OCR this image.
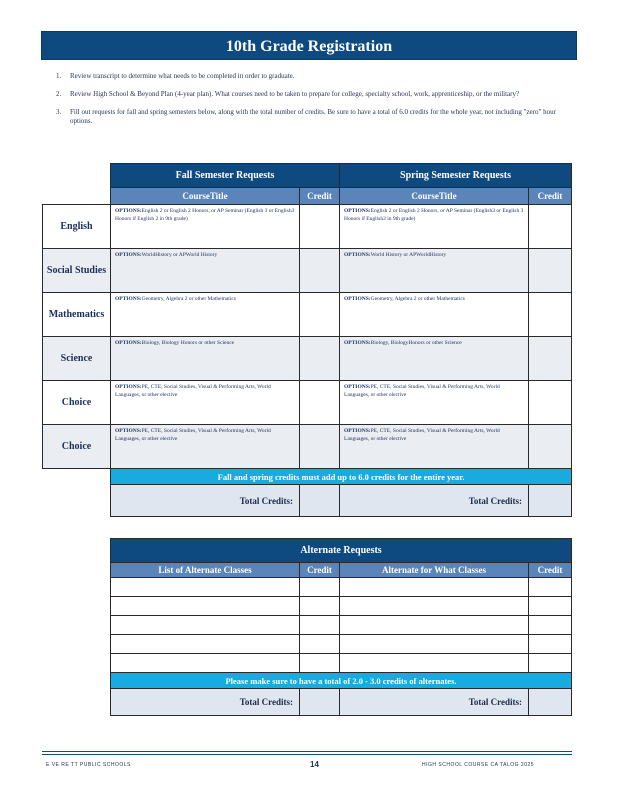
10th Grade Registration
1.	Review transcript to determine what needs to be completed in order to graduate.
2.	Review High School & Beyond Plan (4-year plan). What courses need to be taken to prepare for college, specialty school, work, apprenticeship, or the military?
3.	Fill out requests for fall and spring semesters below, along with the total number of credits. Be sure to have a total of 6.0 credits for the whole year, not including "zero" hour options.
	Fall Semester Requests		Spring Semester Requests	
	CourseTitle	Credit	CourseTitle	Credit
English	OPTIONS:English 2 or English 2 Honors, or AP Seminar (English 3 or English3 Honors if English 2 in 9th grade)		OPTIONS:English 2 or English 2 Honors, or AP Seminar (English3 or English 3 Honors if English2 in 9th grade)	
Social Studies	OPTIONS:WorldHistory or APWorld History		OPTIONS:World History or APWorldHistory	
Mathematics	OPTIONS:Geometry, Algebra 2 or other Mathematics		OPTIONS:Geometry, Algebra 2 or other Mathematics	
Science	OPTIONS:Biology, Biology Honors or other Science		OPTIONS:Biology, BiologyHonors or other Science	
Choice	OPTIONS:PE, CTE, Social Studies, Visual & Performing Arts, World Languages, or other elective		OPTIONS:PE, CTE, Social Studies, Visual & Performing Arts, World Languages, or other elective	
Choice	OPTIONS:PE, CTE, Social Studies, Visual & Performing Arts, World Languages, or other elective		OPTIONS:PE, CTE, Social Studies, Visual & Performing Arts, World Languages, or other elective	
	Fall and spring credits must add up to 6.0 credits for the entire year.			
	Total Credits:		Total Credits:	
Alternate Requests			
List of Alternate Classes	Credit	Alternate for What Classes	Credit

Please make sure to have a total of 2.0 - 3.0 credits of alternates.			
Total Credits:		Total Credits:	
E VE RE TT PUBLIC SCHOOLS	14	HIGH SCHOOL COURSE CA TALOG 2025
